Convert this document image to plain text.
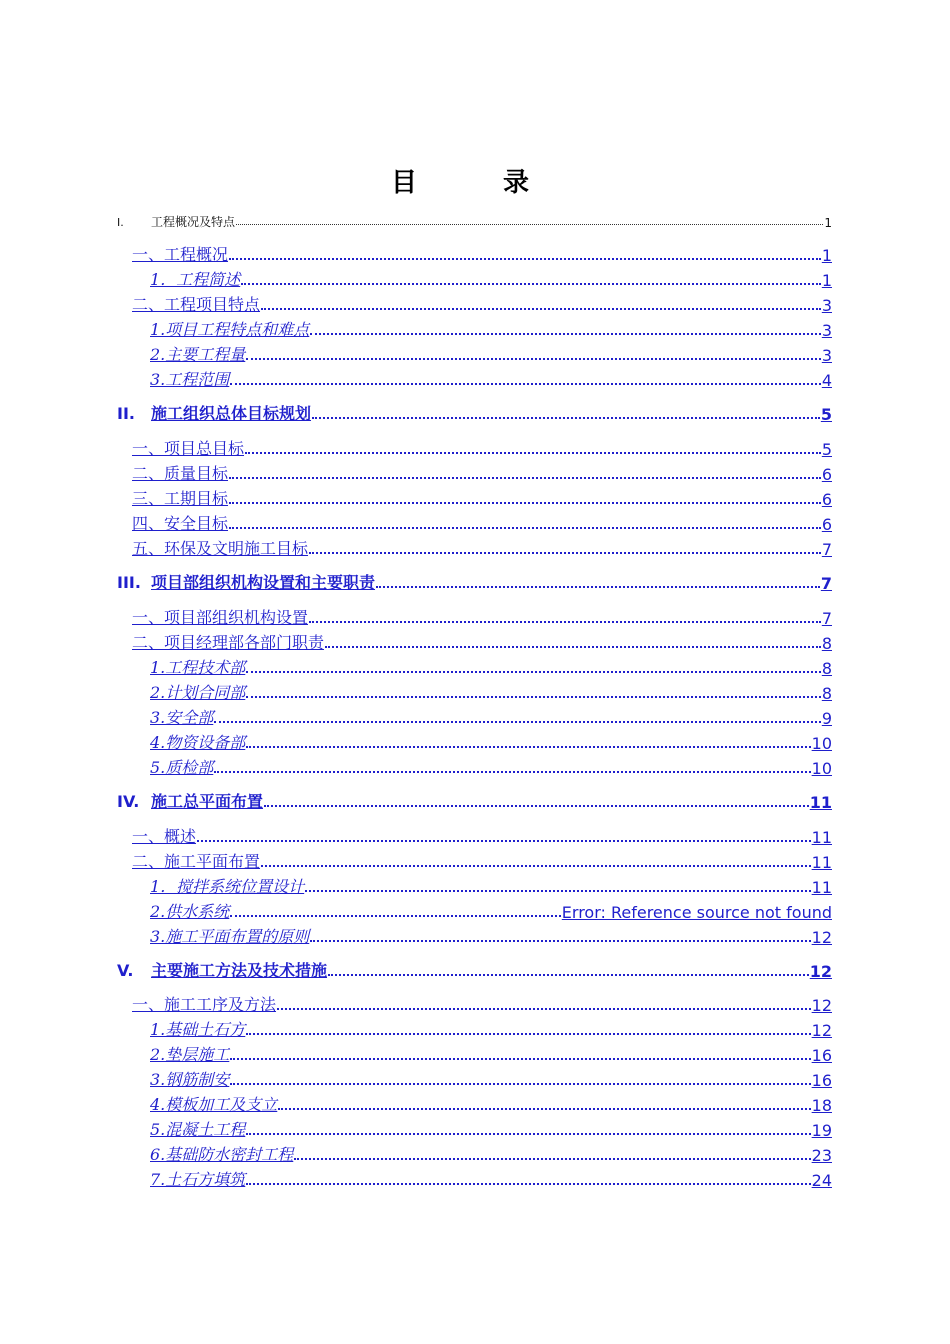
目　录
I. 工程概况及特点	1
一、工程概况	1
1．工程简述	1
二、工程项目特点	3
1.项目工程特点和难点	3
2.主要工程量	3
3.工程范围	4
II. 施工组织总体目标规划	5
一、项目总目标	5
二、质量目标	6
三、工期目标	6
四、安全目标	6
五、环保及文明施工目标	7
III. 项目部组织机构设置和主要职责	7
一、项目部组织机构设置	7
二、项目经理部各部门职责	8
1.工程技术部	8
2.计划合同部	8
3.安全部	9
4.物资设备部	10
5.质检部	10
IV. 施工总平面布置	11
一、概述	11
二、施工平面布置	11
1．搅拌系统位置设计	11
2.供水系统	Error: Reference source not found
3.施工平面布置的原则	12
V. 主要施工方法及技术措施	12
一、施工工序及方法	12
1.基础土石方	12
2.垫层施工	16
3.钢筋制安	16
4.模板加工及支立	18
5.混凝土工程	19
6.基础防水密封工程	23
7.土石方填筑	24
